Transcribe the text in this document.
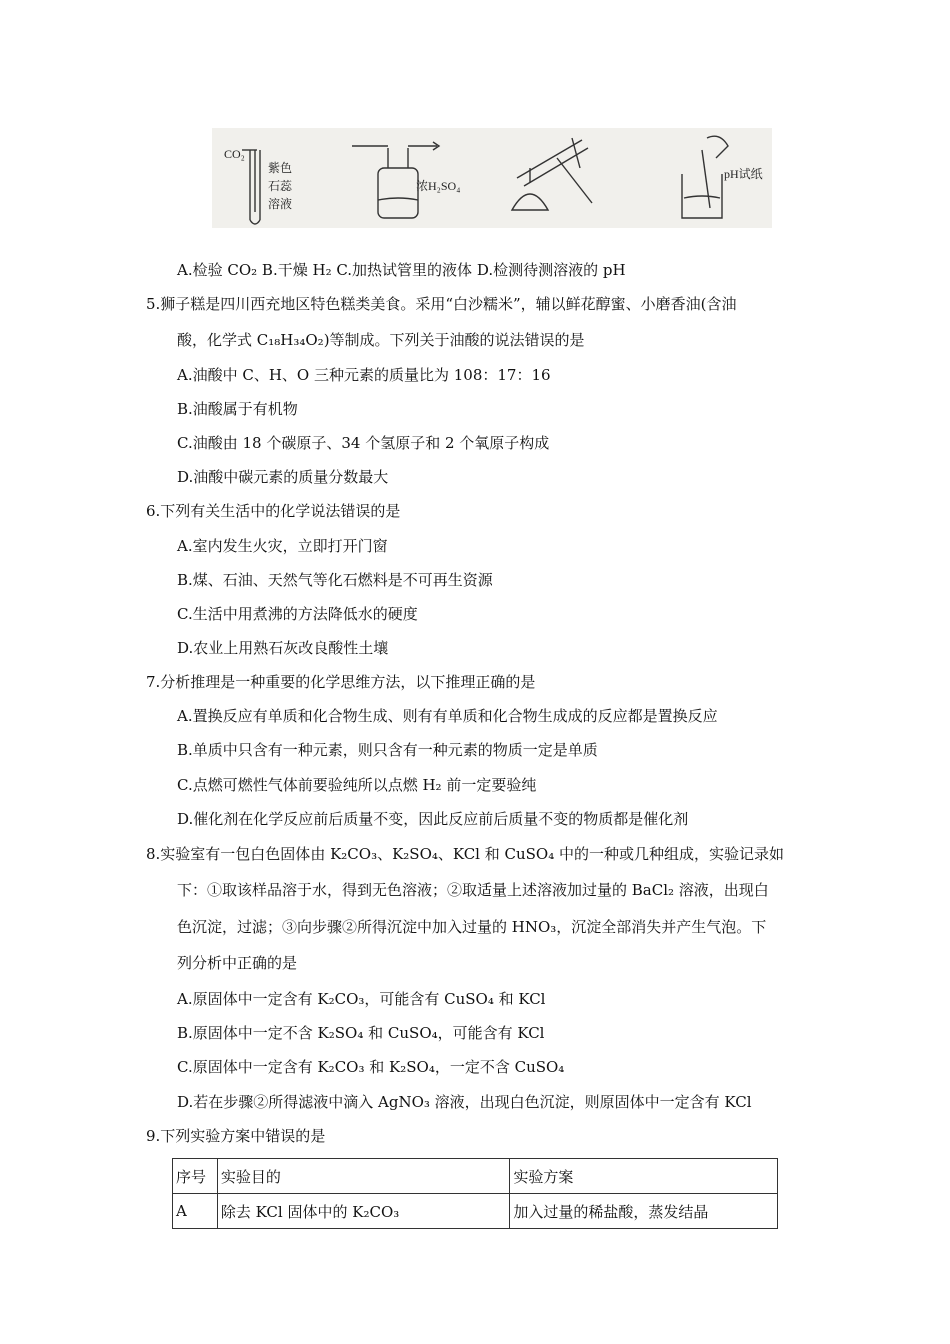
CO₂
紫色
石蕊
溶液
浓H₂SO₄
pH试纸
A.检验 CO₂ B.干燥 H₂ C.加热试管里的液体 D.检测待测溶液的 pH
5.狮子糕是四川西充地区特色糕类美食。采用“白沙糯米”，辅以鲜花醇蜜、小磨香油(含油
酸，化学式 C₁₈H₃₄O₂)等制成。下列关于油酸的说法错误的是
A.油酸中 C、H、O 三种元素的质量比为 108：17：16
B.油酸属于有机物
C.油酸由 18 个碳原子、34 个氢原子和 2 个氧原子构成
D.油酸中碳元素的质量分数最大
6.下列有关生活中的化学说法错误的是
A.室内发生火灾，立即打开门窗
B.煤、石油、天然气等化石燃料是不可再生资源
C.生活中用煮沸的方法降低水的硬度
D.农业上用熟石灰改良酸性土壤
7.分析推理是一种重要的化学思维方法，以下推理正确的是
A.置换反应有单质和化合物生成、则有有单质和化合物生成成的反应都是置换反应
B.单质中只含有一种元素，则只含有一种元素的物质一定是单质
C.点燃可燃性气体前要验纯所以点燃 H₂ 前一定要验纯
D.催化剂在化学反应前后质量不变，因此反应前后质量不变的物质都是催化剂
8.实验室有一包白色固体由 K₂CO₃、K₂SO₄、KCl 和 CuSO₄ 中的一种或几种组成，实验记录如
下：①取该样品溶于水，得到无色溶液；②取适量上述溶液加过量的 BaCl₂ 溶液，出现白
色沉淀，过滤；③向步骤②所得沉淀中加入过量的 HNO₃，沉淀全部消失并产生气泡。下
列分析中正确的是
A.原固体中一定含有 K₂CO₃，可能含有 CuSO₄ 和 KCl
B.原固体中一定不含 K₂SO₄ 和 CuSO₄，可能含有 KCl
C.原固体中一定含有 K₂CO₃ 和 K₂SO₄，一定不含 CuSO₄
D.若在步骤②所得滤液中滴入 AgNO₃ 溶液，出现白色沉淀，则原固体中一定含有 KCl
9.下列实验方案中错误的是
序号	实验目的	实验方案
A	除去 KCl 固体中的 K₂CO₃	加入过量的稀盐酸，蒸发结晶
